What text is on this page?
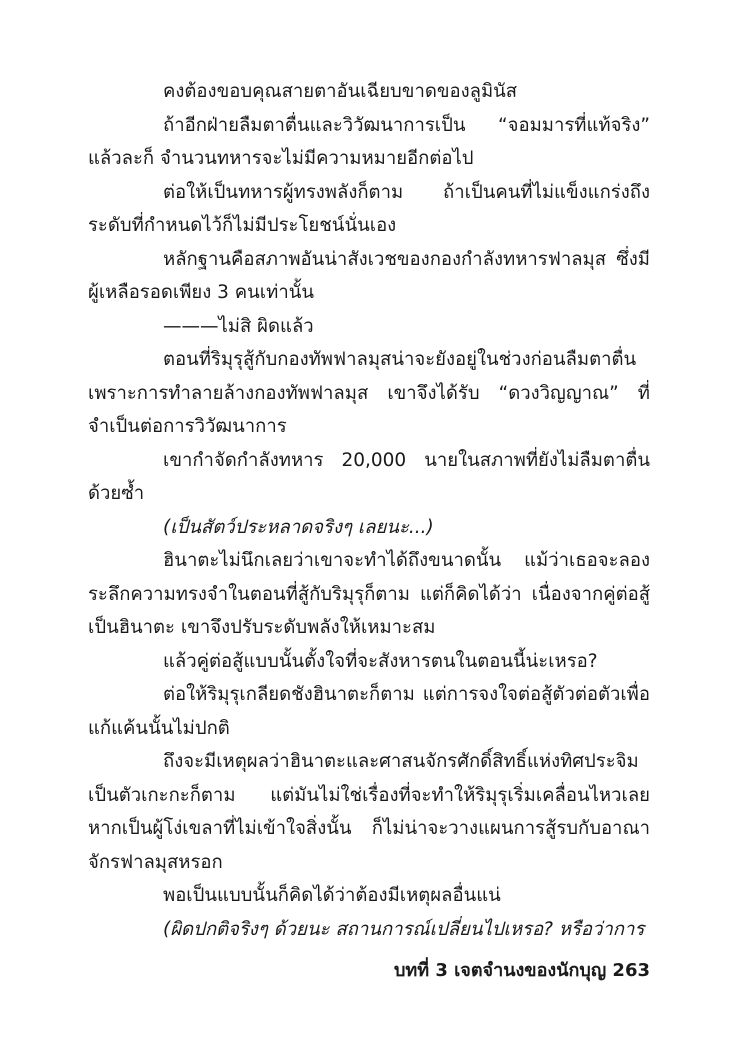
คงต้องขอบคุณสายตาอันเฉียบขาดของลูมินัส

ถ้าอีกฝ่ายลืมตาตื่นและวิวัฒนาการเป็น “จอมมารที่แท้จริง” แล้วละก็ จำนวนทหารจะไม่มีความหมายอีกต่อไป

ต่อให้เป็นทหารผู้ทรงพลังก็ตาม ถ้าเป็นคนที่ไม่แข็งแกร่งถึงระดับที่กำหนดไว้ก็ไม่มีประโยชน์นั่นเอง

หลักฐานคือสภาพอันน่าสังเวชของกองกำลังทหารฟาลมุส ซึ่งมีผู้เหลือรอดเพียง 3 คนเท่านั้น

———ไม่สิ ผิดแล้ว

ตอนที่ริมุรุสู้กับกองทัพฟาลมุสน่าจะยังอยู่ในช่วงก่อนลืมตาตื่น เพราะการทำลายล้างกองทัพฟาลมุส เขาจึงได้รับ “ดวงวิญญาณ” ที่จำเป็นต่อการวิวัฒนาการ

เขากำจัดกำลังทหาร 20,000 นายในสภาพที่ยังไม่ลืมตาตื่นด้วยซ้ำ

(เป็นสัตว์ประหลาดจริงๆ เลยนะ...)

ฮินาตะไม่นึกเลยว่าเขาจะทำได้ถึงขนาดนั้น แม้ว่าเธอจะลองระลึกความทรงจำในตอนที่สู้กับริมุรุก็ตาม แต่ก็คิดได้ว่า เนื่องจากคู่ต่อสู้เป็นฮินาตะ เขาจึงปรับระดับพลังให้เหมาะสม

แล้วคู่ต่อสู้แบบนั้นตั้งใจที่จะสังหารตนในตอนนี้น่ะเหรอ?

ต่อให้ริมุรุเกลียดชังฮินาตะก็ตาม แต่การจงใจต่อสู้ตัวต่อตัวเพื่อแก้แค้นนั้นไม่ปกติ

ถึงจะมีเหตุผลว่าฮินาตะและศาสนจักรศักดิ์สิทธิ์แห่งทิศประจิมเป็นตัวเกะกะก็ตาม แต่มันไม่ใช่เรื่องที่จะทำให้ริมุรุเริ่มเคลื่อนไหวเลย หากเป็นผู้โง่เขลาที่ไม่เข้าใจสิ่งนั้น ก็ไม่น่าจะวางแผนการสู้รบกับอาณาจักรฟาลมุสหรอก

พอเป็นแบบนั้นก็คิดได้ว่าต้องมีเหตุผลอื่นแน่

(ผิดปกติจริงๆ ด้วยนะ สถานการณ์เปลี่ยนไปเหรอ? หรือว่าการ

บทที่ 3 เจตจำนงของนักบุญ 263
